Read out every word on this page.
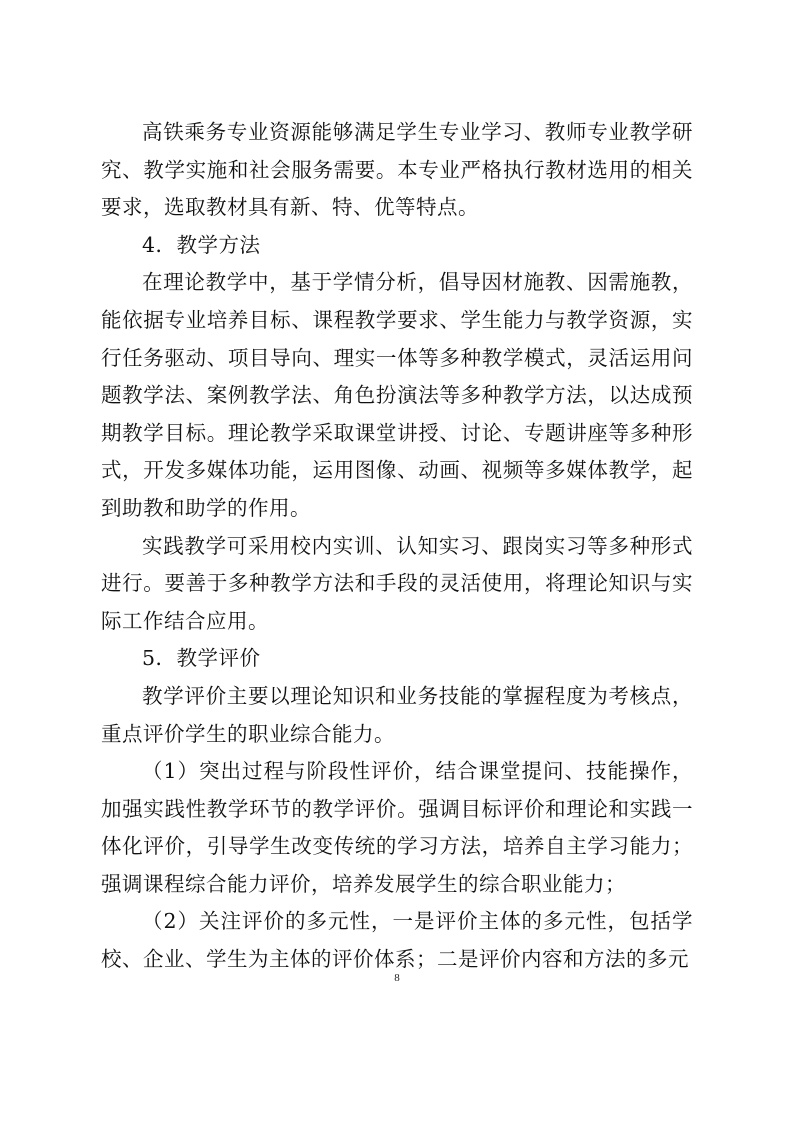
高铁乘务专业资源能够满足学生专业学习、教师专业教学研究、教学实施和社会服务需要。本专业严格执行教材选用的相关要求，选取教材具有新、特、优等特点。

4．教学方法

在理论教学中，基于学情分析，倡导因材施教、因需施教，能依据专业培养目标、课程教学要求、学生能力与教学资源，实行任务驱动、项目导向、理实一体等多种教学模式，灵活运用问题教学法、案例教学法、角色扮演法等多种教学方法，以达成预期教学目标。理论教学采取课堂讲授、讨论、专题讲座等多种形式，开发多媒体功能，运用图像、动画、视频等多媒体教学，起到助教和助学的作用。

实践教学可采用校内实训、认知实习、跟岗实习等多种形式进行。要善于多种教学方法和手段的灵活使用，将理论知识与实际工作结合应用。

5．教学评价

教学评价主要以理论知识和业务技能的掌握程度为考核点，重点评价学生的职业综合能力。

（1）突出过程与阶段性评价，结合课堂提问、技能操作，加强实践性教学环节的教学评价。强调目标评价和理论和实践一体化评价，引导学生改变传统的学习方法，培养自主学习能力；强调课程综合能力评价，培养发展学生的综合职业能力；

（2）关注评价的多元性，一是评价主体的多元性，包括学校、企业、学生为主体的评价体系；二是评价内容和方法的多元

8
